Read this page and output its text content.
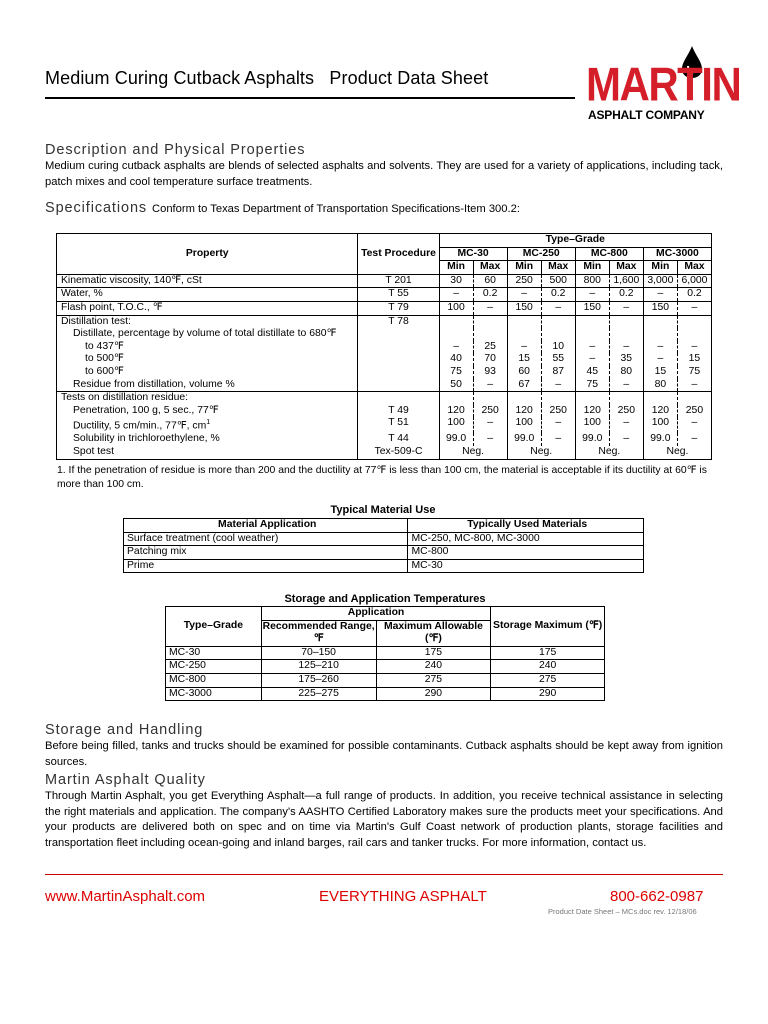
Medium Curing Cutback Asphalts   Product Data Sheet MARTIN
ASPHALT COMPANY
Description and Physical Properties
Medium curing cutback asphalts are blends of selected asphalts and solvents. They are used for a variety of applications, including tack, patch mixes and cool temperature surface treatments.
Specifications Conform to Texas Department of Transportation Specifications-Item 300.2:
Property	Test Procedure	Type–Grade							
		MC-30		MC-250		MC-800		MC-3000	
		Min	Max	Min	Max	Min	Max	Min	Max
Kinematic viscosity, 140℉, cSt	T 201	30	60	250	500	800	1,600	3,000	6,000
Water, %	T 55	–	0.2	–	0.2	–	0.2	–	0.2
Flash point, T.O.C., ℉	T 79	100	–	150	–	150	–	150	–
Distillation test:	T 78								
Distillate, percentage by volume of total distillate to 680℉									
to 437℉		–	25	–	10	–	–	–	–
to 500℉		40	70	15	55	–	35	–	15
to 600℉		75	93	60	87	45	80	15	75
Residue from distillation, volume %		50	–	67	–	75	–	80	–
Tests on distillation residue:									
Penetration, 100 g, 5 sec., 77℉	T 49	120	250	120	250	120	250	120	250
Ductility, 5 cm/min., 77℉, $cm^1$	T 51	100	–	100	–	100	–	100	–
Solubility in trichloroethylene, %	T 44	99.0	–	99.0	–	99.0	–	99.0	–
Spot test	Tex-509-C	Neg.		Neg.		Neg.		Neg.	
1. If the penetration of residue is more than 200 and the ductility at 77℉ is less than 100 cm, the material is acceptable if its ductility at 60℉ is more than 100 cm.
Typical Material Use
Material Application	Typically Used Materials
Surface treatment (cool weather)	MC-250, MC-800, MC-3000
Patching mix	MC-800
Prime	MC-30
Storage and Application Temperatures
Type–Grade	Application		Storage Maximum (℉)
	Recommended Range, ℉	Maximum Allowable (℉)	
MC-30	70–150	175	175
MC-250	125–210	240	240
MC-800	175–260	275	275
MC-3000	225–275	290	290
Storage and Handling
Before being filled, tanks and trucks should be examined for possible contaminants. Cutback asphalts should be kept away from ignition sources.
Martin Asphalt Quality
Through Martin Asphalt, you get Everything Asphalt—a full range of products. In addition, you receive technical assistance in selecting the right materials and application. The company's AASHTO Certified Laboratory makes sure the products meet your specifications. And your products are delivered both on spec and on time via Martin's Gulf Coast network of production plants, storage facilities and transportation fleet including ocean-going and inland barges, rail cars and tanker trucks. For more information, contact us.
www.MartinAsphalt.com	EVERYTHING ASPHALT	800-662-0987
Product Date Sheet – MCs.doc rev. 12/18/06
